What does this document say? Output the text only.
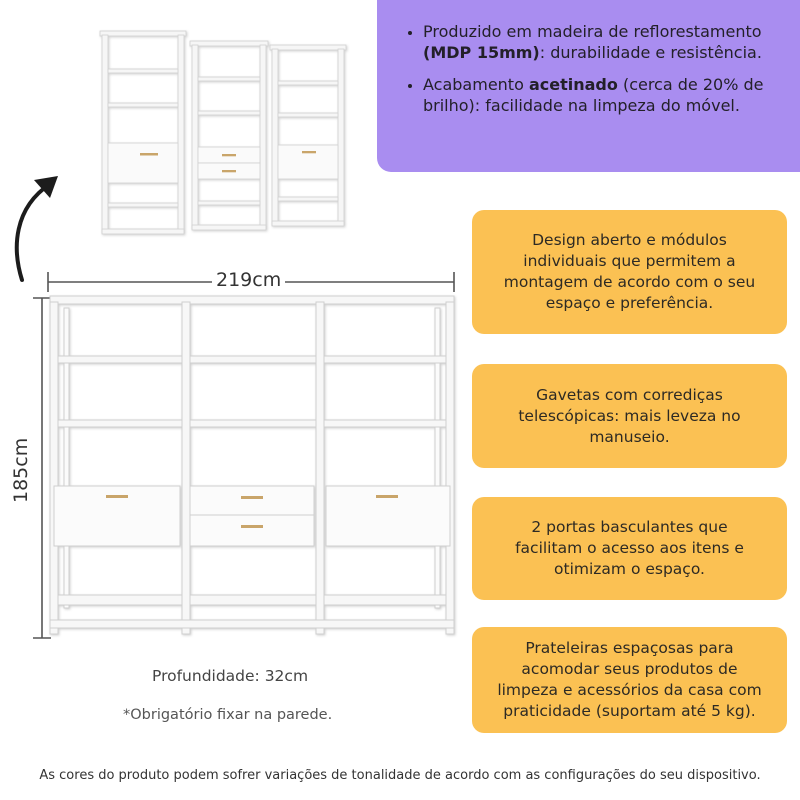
• Produzido em madeira de reflorestamento (MDP 15mm): durabilidade e resistência.
• Acabamento acetinado (cerca de 20% de brilho): facilidade na limpeza do móvel.
Design aberto e módulos
individuais que permitem a
montagem de acordo com o seu
espaço e preferência.
Gavetas com corrediças
telescópicas: mais leveza no
manuseio.
2 portas basculantes que
facilitam o acesso aos itens e
otimizam o espaço.
Prateleiras espaçosas para
acomodar seus produtos de
limpeza e acessórios da casa com
praticidade (suportam até 5 kg).
219cm
185cm
Profundidade: 32cm
*Obrigatório fixar na parede.
As cores do produto podem sofrer variações de tonalidade de acordo com as configurações do seu dispositivo.
